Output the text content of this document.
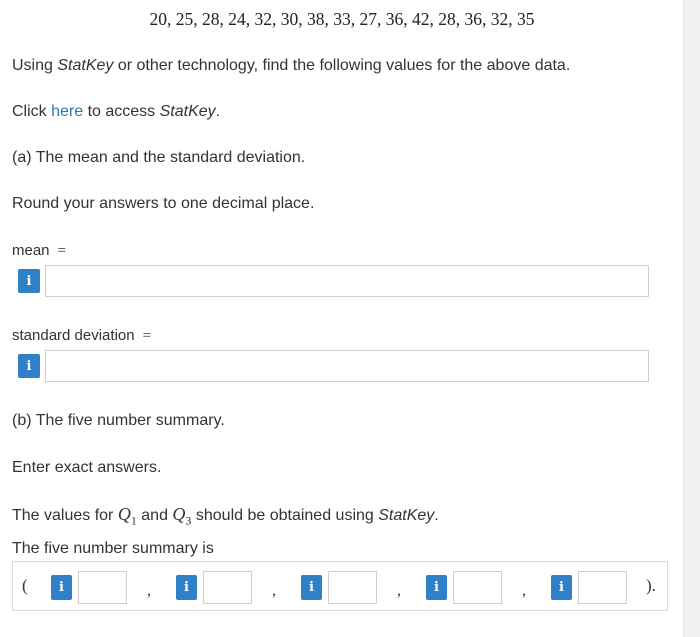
20, 25, 28, 24, 32, 30, 38, 33, 27, 36, 42, 28, 36, 32, 35
Using StatKey or other technology, find the following values for the above data.
Click here to access StatKey.
(a) The mean and the standard deviation.
Round your answers to one decimal place.
mean =
i
standard deviation =
i
(b) The five number summary.
Enter exact answers.
The values for $Q_1$ and $Q_3$ should be obtained using StatKey.
The five number summary is
(	i	,	i	,	i	,	i	,	i	).
